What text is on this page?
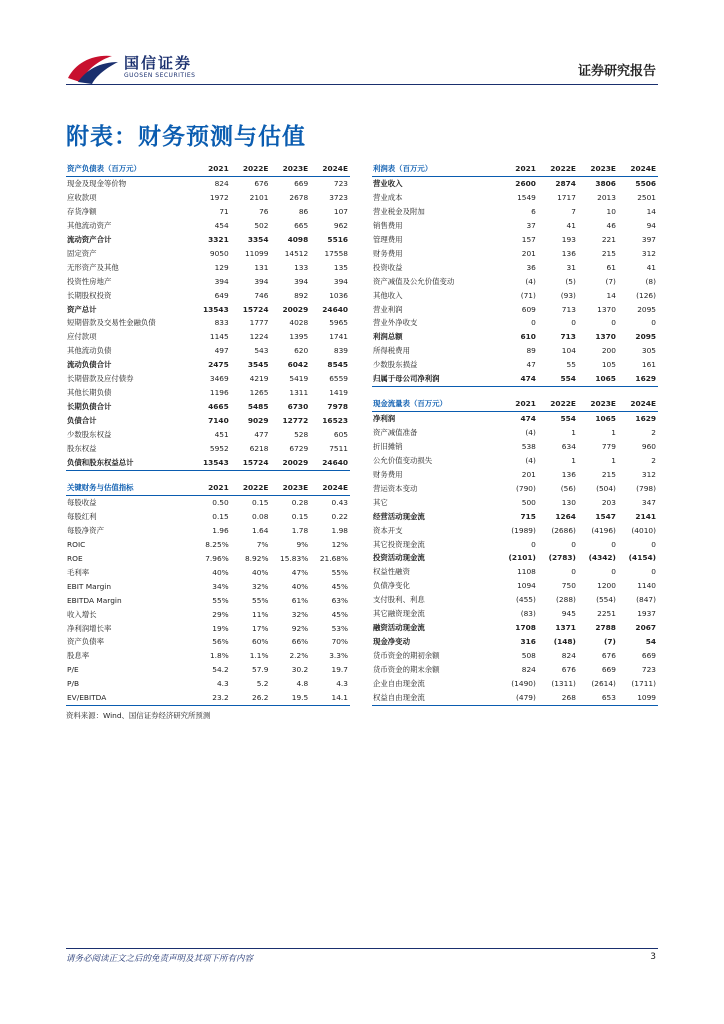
国信证券
GUOSEN SECURITIES	证券研究报告
附表：财务预测与估值
资产负债表（百万元）	2021	2022E	2023E	2024E
现金及现金等价物	824	676	669	723
应收款项	1972	2101	2678	3723
存货净额	71	76	86	107
其他流动资产	454	502	665	962
流动资产合计	3321	3354	4098	5516
固定资产	9050	11099	14512	17558
无形资产及其他	129	131	133	135
投资性房地产	394	394	394	394
长期股权投资	649	746	892	1036
资产总计	13543	15724	20029	24640
短期借款及交易性金融负债	833	1777	4028	5965
应付款项	1145	1224	1395	1741
其他流动负债	497	543	620	839
流动负债合计	2475	3545	6042	8545
长期借款及应付债券	3469	4219	5419	6559
其他长期负债	1196	1265	1311	1419
长期负债合计	4665	5485	6730	7978
负债合计	7140	9029	12772	16523
少数股东权益	451	477	528	605
股东权益	5952	6218	6729	7511
负债和股东权益总计	13543	15724	20029	24640
利润表（百万元）	2021	2022E	2023E	2024E
营业收入	2600	2874	3806	5506
营业成本	1549	1717	2013	2501
营业税金及附加	6	7	10	14
销售费用	37	41	46	94
管理费用	157	193	221	397
财务费用	201	136	215	312
投资收益	36	31	61	41
资产减值及公允价值变动	(4)	(5)	(7)	(8)
其他收入	(71)	(93)	14	(126)
营业利润	609	713	1370	2095
营业外净收支	0	0	0	0
利润总额	610	713	1370	2095
所得税费用	89	104	200	305
少数股东损益	47	55	105	161
归属于母公司净利润	474	554	1065	1629
现金流量表（百万元）	2021	2022E	2023E	2024E
净利润	474	554	1065	1629
资产减值准备	(4)	1	1	2
折旧摊销	538	634	779	960
公允价值变动损失	(4)	1	1	2
财务费用	201	136	215	312
营运资本变动	(790)	(56)	(504)	(798)
其它	500	130	203	347
经营活动现金流	715	1264	1547	2141
资本开支	(1989)	(2686)	(4196)	(4010)
其它投资现金流	0	0	0	0
投资活动现金流	(2101)	(2783)	(4342)	(4154)
权益性融资	1108	0	0	0
负债净变化	1094	750	1200	1140
支付股利、利息	(455)	(288)	(554)	(847)
其它融资现金流	(83)	945	2251	1937
融资活动现金流	1708	1371	2788	2067
现金净变动	316	(148)	(7)	54
货币资金的期初余额	508	824	676	669
货币资金的期末余额	824	676	669	723
企业自由现金流	(1490)	(1311)	(2614)	(1711)
权益自由现金流	(479)	268	653	1099
关键财务与估值指标	2021	2022E	2023E	2024E
每股收益	0.50	0.15	0.28	0.43
每股红利	0.15	0.08	0.15	0.22
每股净资产	1.96	1.64	1.78	1.98
ROIC	8.25%	7%	9%	12%
ROE	7.96%	8.92%	15.83%	21.68%
毛利率	40%	40%	47%	55%
EBIT Margin	34%	32%	40%	45%
EBITDA Margin	55%	55%	61%	63%
收入增长	29%	11%	32%	45%
净利润增长率	19%	17%	92%	53%
资产负债率	56%	60%	66%	70%
股息率	1.8%	1.1%	2.2%	3.3%
P/E	54.2	57.9	30.2	19.7
P/B	4.3	5.2	4.8	4.3
EV/EBITDA	23.2	26.2	19.5	14.1
资料来源：Wind、国信证券经济研究所预测
请务必阅读正文之后的免责声明及其项下所有内容	3
